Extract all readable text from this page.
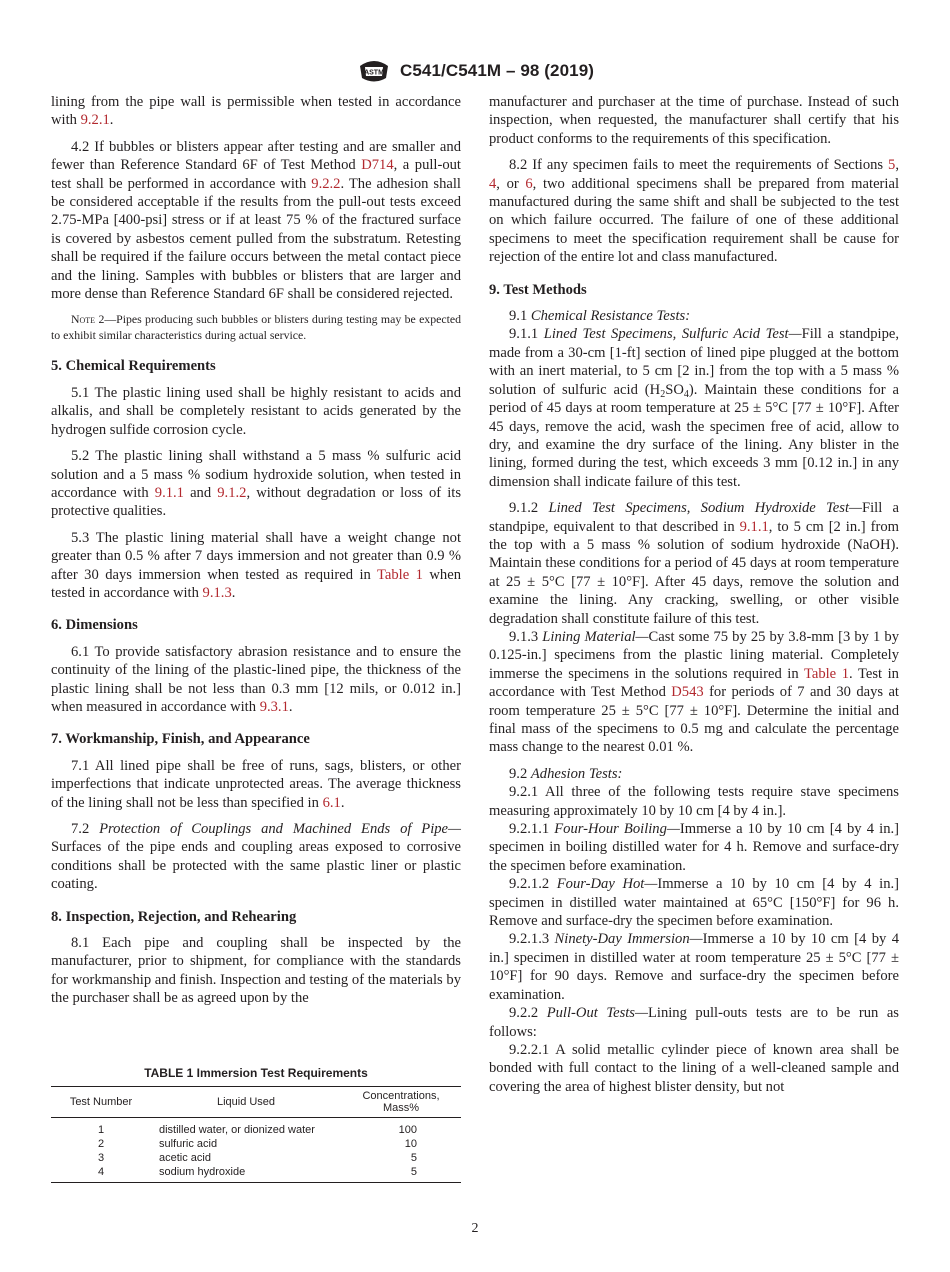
ASTM C541/C541M – 98 (2019)

lining from the pipe wall is permissible when tested in accordance with 9.2.1.

4.2 If bubbles or blisters appear after testing and are smaller and fewer than Reference Standard 6F of Test Method D714, a pull-out test shall be performed in accordance with 9.2.2. The adhesion shall be considered acceptable if the results from the pull-out tests exceed 2.75-MPa [400-psi] stress or if at least 75 % of the fractured surface is covered by asbestos cement pulled from the substratum. Retesting shall be required if the failure occurs between the metal contact piece and the lining. Samples with bubbles or blisters that are larger and more dense than Reference Standard 6F shall be considered rejected.

Note 2—Pipes producing such bubbles or blisters during testing may be expected to exhibit similar characteristics during actual service.

5. Chemical Requirements

5.1 The plastic lining used shall be highly resistant to acids and alkalis, and shall be completely resistant to acids generated by the hydrogen sulfide corrosion cycle.

5.2 The plastic lining shall withstand a 5 mass % sulfuric acid solution and a 5 mass % sodium hydroxide solution, when tested in accordance with 9.1.1 and 9.1.2, without degradation or loss of its protective qualities.

5.3 The plastic lining material shall have a weight change not greater than 0.5 % after 7 days immersion and not greater than 0.9 % after 30 days immersion when tested as required in Table 1 when tested in accordance with 9.1.3.

6. Dimensions

6.1 To provide satisfactory abrasion resistance and to ensure the continuity of the lining of the plastic-lined pipe, the thickness of the plastic lining shall be not less than 0.3 mm [12 mils, or 0.012 in.] when measured in accordance with 9.3.1.

7. Workmanship, Finish, and Appearance

7.1 All lined pipe shall be free of runs, sags, blisters, or other imperfections that indicate unprotected areas. The average thickness of the lining shall not be less than specified in 6.1.

7.2 Protection of Couplings and Machined Ends of Pipe—Surfaces of the pipe ends and coupling areas exposed to corrosive conditions shall be protected with the same plastic liner or plastic coating.

8. Inspection, Rejection, and Rehearing

8.1 Each pipe and coupling shall be inspected by the manufacturer, prior to shipment, for compliance with the standards for workmanship and finish. Inspection and testing of the materials by the purchaser shall be as agreed upon by the

TABLE 1 Immersion Test Requirements
Test Number	Liquid Used	Concentrations, Mass%
1	distilled water, or dionized water	100
2	sulfuric acid	10
3	acetic acid	5
4	sodium hydroxide	5

manufacturer and purchaser at the time of purchase. Instead of such inspection, when requested, the manufacturer shall certify that his product conforms to the requirements of this specification.

8.2 If any specimen fails to meet the requirements of Sections 5, 4, or 6, two additional specimens shall be prepared from material manufactured during the same shift and shall be subjected to the test on which failure occurred. The failure of one of these additional specimens to meet the specification requirement shall be cause for rejection of the entire lot and class manufactured.

9. Test Methods

9.1 Chemical Resistance Tests:

9.1.1 Lined Test Specimens, Sulfuric Acid Test—Fill a standpipe, made from a 30-cm [1-ft] section of lined pipe plugged at the bottom with an inert material, to 5 cm [2 in.] from the top with a 5 mass % solution of sulfuric acid $(H_2SO_4)$. Maintain these conditions for a period of 45 days at room temperature at 25 ± 5°C [77 ± 10°F]. After 45 days, remove the acid, wash the specimen free of acid, allow to dry, and examine the dry surface of the lining. Any blister in the lining, formed during the test, which exceeds 3 mm [0.12 in.] in any dimension shall indicate failure of this test.

9.1.2 Lined Test Specimens, Sodium Hydroxide Test—Fill a standpipe, equivalent to that described in 9.1.1, to 5 cm [2 in.] from the top with a 5 mass % solution of sodium hydroxide (NaOH). Maintain these conditions for a period of 45 days at room temperature at 25 ± 5°C [77 ± 10°F]. After 45 days, remove the solution and examine the lining. Any cracking, swelling, or other visible degradation shall constitute failure of this test.

9.1.3 Lining Material—Cast some 75 by 25 by 3.8-mm [3 by 1 by 0.125-in.] specimens from the plastic lining material. Completely immerse the specimens in the solutions required in Table 1. Test in accordance with Test Method D543 for periods of 7 and 30 days at room temperature 25 ± 5°C [77 ± 10°F]. Determine the initial and final mass of the specimens to 0.5 mg and calculate the percentage mass change to the nearest 0.01 %.

9.2 Adhesion Tests:

9.2.1 All three of the following tests require stave specimens measuring approximately 10 by 10 cm [4 by 4 in.].

9.2.1.1 Four-Hour Boiling—Immerse a 10 by 10 cm [4 by 4 in.] specimen in boiling distilled water for 4 h. Remove and surface-dry the specimen before examination.

9.2.1.2 Four-Day Hot—Immerse a 10 by 10 cm [4 by 4 in.] specimen in distilled water maintained at 65°C [150°F] for 96 h. Remove and surface-dry the specimen before examination.

9.2.1.3 Ninety-Day Immersion—Immerse a 10 by 10 cm [4 by 4 in.] specimen in distilled water at room temperature 25 ± 5°C [77 ± 10°F] for 90 days. Remove and surface-dry the specimen before examination.

9.2.2 Pull-Out Tests—Lining pull-outs tests are to be run as follows:

9.2.2.1 A solid metallic cylinder piece of known area shall be bonded with full contact to the lining of a well-cleaned sample and covering the area of highest blister density, but not

2
